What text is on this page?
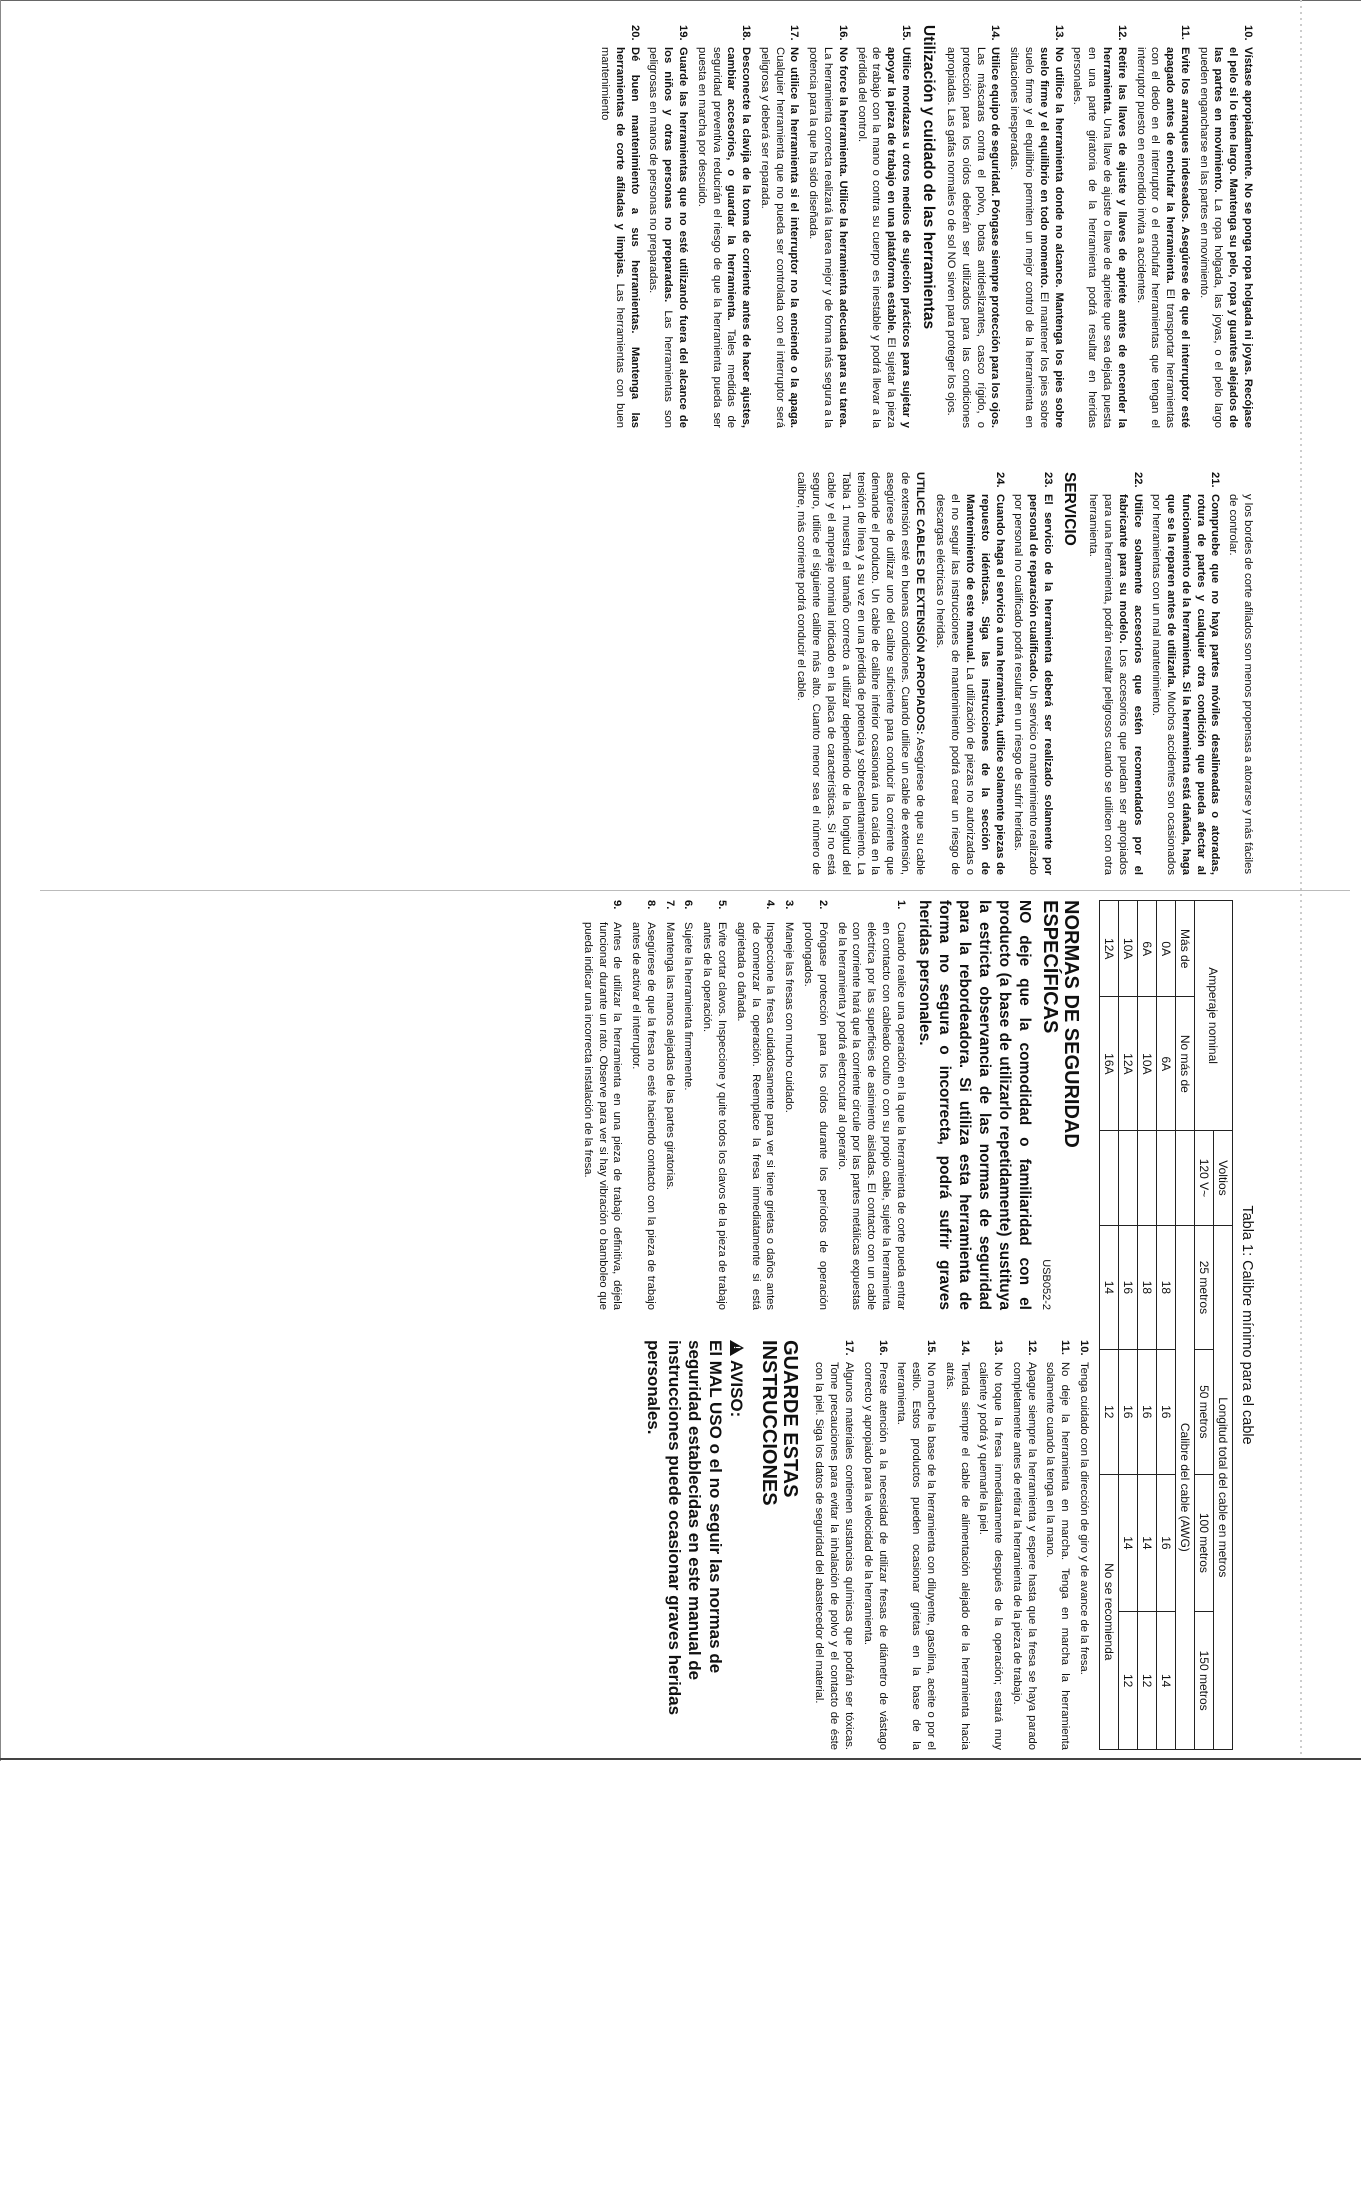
10.
Vístase apropiadamente. No se ponga ropa holgada ni joyas. Recójase el pelo si lo tiene largo. Mantenga su pelo, ropa y guantes alejados de las partes en movimiento. La ropa holgada, las joyas, o el pelo largo pueden engancharse en las partes en movimiento.
11.
Evite los arranques indeseados. Asegúrese de que el interruptor esté apagado antes de enchufar la herramienta. El transportar herramientas con el dedo en el interruptor o el enchufar herramientas que tengan el interruptor puesto en encendido invita a accidentes.
12.
Retire las llaves de ajuste y llaves de apriete antes de encender la herramienta. Una llave de ajuste o llave de apriete que sea dejada puesta en una parte giratoria de la herramienta podrá resultar en heridas personales.
13.
No utilice la herramienta donde no alcance. Mantenga los pies sobre suelo firme y el equilibrio en todo momento. El mantener los pies sobre suelo firme y el equilibrio permiten un mejor control de la herramienta en situaciones inesperadas.
14.
Utilice equipo de seguridad. Póngase siempre protección para los ojos. Las máscaras contra el polvo, botas antideslizantes, casco rígido, o protección para los oídos deberán ser utilizados para las condiciones apropiadas. Las gafas normales o de sol NO sirven para proteger los ojos.
Utilización y cuidado de las herramientas
15.
Utilice mordazas u otros medios de sujeción prácticos para sujetar y apoyar la pieza de trabajo en una plataforma estable. El sujetar la pieza de trabajo con la mano o contra su cuerpo es inestable y podrá llevar a la pérdida del control.
16.
No force la herramienta. Utilice la herramienta adecuada para su tarea. La herramienta correcta realizará la tarea mejor y de forma más segura a la potencia para la que ha sido diseñada.
17.
No utilice la herramienta si el interruptor no la enciende o la apaga. Cualquier herramienta que no pueda ser controlada con el interruptor será peligrosa y deberá ser reparada.
18.
Desconecte la clavija de la toma de corriente antes de hacer ajustes, cambiar accesorios, o guardar la herramienta. Tales medidas de seguridad preventiva reducirán el riesgo de que la herramienta pueda ser puesta en marcha por descuido.
19.
Guarde las herramientas que no esté utilizando fuera del alcance de los niños y otras personas no preparadas. Las herramientas son peligrosas en manos de personas no preparadas.
20.
Dé buen mantenimiento a sus herramientas. Mantenga las herramientas de corte afiladas y limpias. Las herramientas con buen mantenimiento

y los bordes de corte afilados son menos propensas a atorarse y más fáciles de controlar.

21.
Compruebe que no haya partes móviles desalineadas o atoradas, rotura de partes y cualquier otra condición que pueda afectar al funcionamiento de la herramienta. Si la herramienta está dañada, haga que se la reparen antes de utilizarla. Muchos accidentes son ocasionados por herramientas con un mal mantenimiento.
22.
Utilice solamente accesorios que estén recomendados por el fabricante para su modelo. Los accesorios que puedan ser apropiados para una herramienta, podrán resultar peligrosos cuando se utilicen con otra herramienta.
SERVICIO
23.
El servicio de la herramienta deberá ser realizado solamente por personal de reparación cualificado. Un servicio o mantenimiento realizado por personal no cualificado podrá resultar en un riesgo de sufrir heridas.
24.
Cuando haga el servicio a una herramienta, utilice solamente piezas de repuesto idénticas. Siga las instrucciones de la sección de Mantenimiento de este manual. La utilización de piezas no autorizadas o el no seguir las instrucciones de mantenimiento podrá crear un riesgo de descargas eléctricas o heridas.

UTILICE CABLES DE EXTENSIÓN APROPIADOS: Asegúrese de que su cable de extensión esté en buenas condiciones. Cuando utilice un cable de extensión, asegúrese de utilizar uno del calibre suficiente para conducir la corriente que demande el producto. Un cable de calibre inferior ocasionará una caída en la tensión de línea y a su vez en una pérdida de potencia y sobrecalentamiento. La Tabla 1 muestra el tamaño correcto a utilizar dependiendo de la longitud del cable y el amperaje nominal indicado en la placa de características. Si no está seguro, utilice el siguiente calibre más alto. Cuanto menor sea el número de calibre, más corriente podrá conducir el cable.

Tabla 1: Calibre mínimo para el cable
Amperaje nominal		Voltios	Longitud total del cable en metros			
		120 V~	25 metros	50 metros	100 metros	150 metros
Más de	No más de		Calibre del cable (AWG)			
0A	6A		18	16	16	14
6A	10A		18	16	14	12
10A	12A		16	16	14	12
12A	16A		14	12	No se recomienda	
NORMAS DE SEGURIDAD
ESPECÍFICAS
USB052-2
NO deje que la comodidad o familiaridad con el producto (a base de utilizarlo repetidamente) sustituya la estricta observancia de las normas de seguridad para la rebordeadora. Si utiliza esta herramienta de forma no segura o incorrecta, podrá sufrir graves heridas personales.
1.
Cuando realice una operación en la que la herramienta de corte pueda entrar en contacto con cableado oculto o con su propio cable, sujete la herramienta eléctrica por las superficies de asimiento aisladas. El contacto con un cable con corriente hará que la corriente circule por las partes metálicas expuestas de la herramienta y podrá electrocutar al operario.
2.
Póngase protección para los oídos durante los períodos de operación prolongados.
3.
Maneje las fresas con mucho cuidado.
4.
Inspeccione la fresa cuidadosamente para ver si tiene grietas o daños antes de comenzar la operación. Reemplace la fresa inmediatamente si está agrietada o dañada.
5.
Evite cortar clavos. Inspeccione y quite todos los clavos de la pieza de trabajo antes de la operación.
6.
Sujete la herramienta firmemente.
7.
Mantenga las manos alejadas de las partes giratorias.
8.
Asegúrese de que la fresa no esté haciendo contacto con la pieza de trabajo antes de activar el interruptor.
9.
Antes de utilizar la herramienta en una pieza de trabajo definitiva, déjela funcionar durante un rato. Observe para ver si hay vibración o bamboleo que pueda indicar una incorrecta instalación de la fresa.
10.
Tenga cuidado con la dirección de giro y de avance de la fresa.
11.
No deje la herramienta en marcha. Tenga en marcha la herramienta solamente cuando la tenga en la mano.
12.
Apague siempre la herramienta y espere hasta que la fresa se haya parado completamente antes de retirar la herramienta de la pieza de trabajo.
13.
No toque la fresa inmediatamente después de la operación; estará muy caliente y podrá y quemarle la piel.
14.
Tienda siempre el cable de alimentación alejado de la herramienta hacia atrás.
15.
No manche la base de la herramienta con diluyente, gasolina, aceite o por el estilo. Estos productos pueden ocasionar grietas en la base de la herramienta.
16.
Preste atención a la necesidad de utilizar fresas de diámetro de vástago correcto y apropiado para la velocidad de la herramienta.
17.
Algunos materiales contienen sustancias químicas que podrán ser tóxicas. Tome precauciones para evitar la inhalación de polvo y el contacto de éste con la piel. Siga los datos de seguridad del abastecedor del material.
GUARDE ESTAS
INSTRUCCIONES
!AVISO:
El MAL USO o el no seguir las normas de seguridad establecidas en este manual de instrucciones puede ocasionar graves heridas personales.
